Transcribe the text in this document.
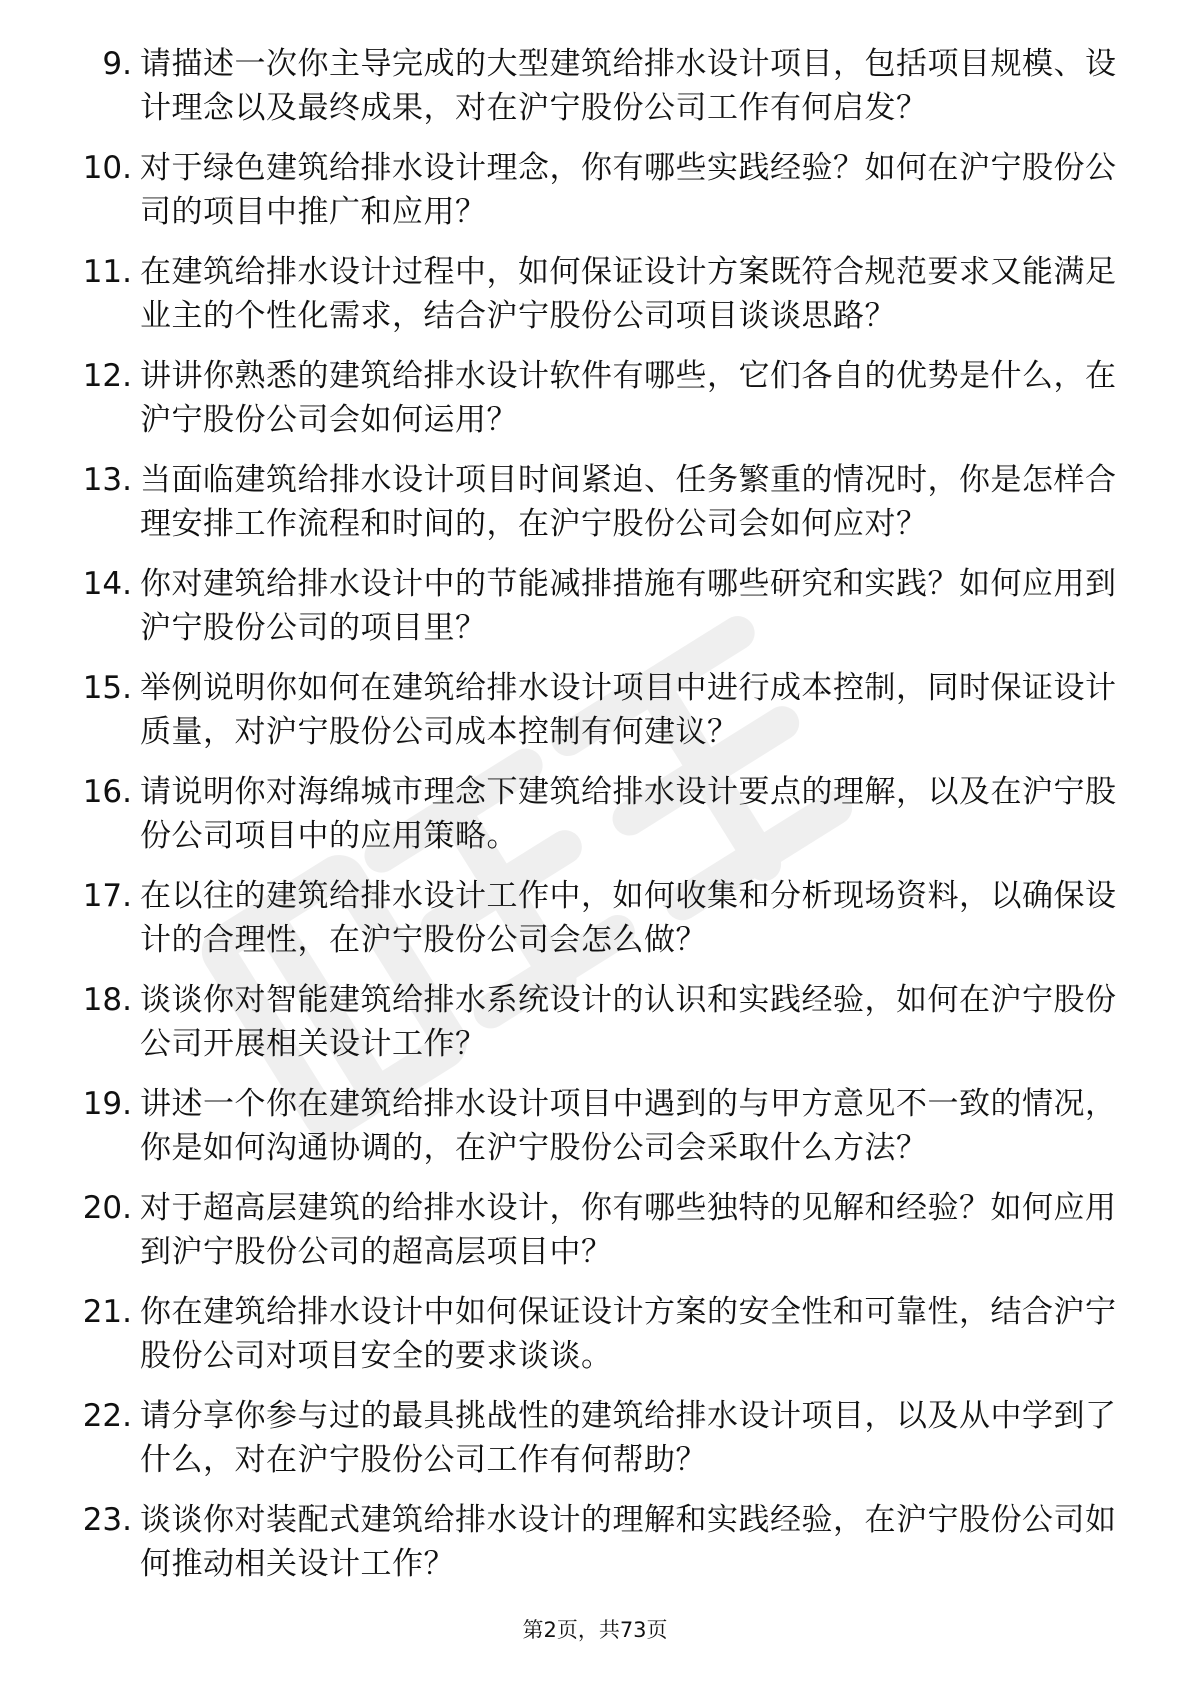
9. 请描述一次你主导完成的大型建筑给排水设计项目，包括项目规模、设计理念以及最终成果，对在沪宁股份公司工作有何启发？
10. 对于绿色建筑给排水设计理念，你有哪些实践经验？如何在沪宁股份公司的项目中推广和应用？
11. 在建筑给排水设计过程中，如何保证设计方案既符合规范要求又能满足业主的个性化需求，结合沪宁股份公司项目谈谈思路？
12. 讲讲你熟悉的建筑给排水设计软件有哪些，它们各自的优势是什么，在沪宁股份公司会如何运用？
13. 当面临建筑给排水设计项目时间紧迫、任务繁重的情况时，你是怎样合理安排工作流程和时间的，在沪宁股份公司会如何应对？
14. 你对建筑给排水设计中的节能减排措施有哪些研究和实践？如何应用到沪宁股份公司的项目里？
15. 举例说明你如何在建筑给排水设计项目中进行成本控制，同时保证设计质量，对沪宁股份公司成本控制有何建议？
16. 请说明你对海绵城市理念下建筑给排水设计要点的理解，以及在沪宁股份公司项目中的应用策略。
17. 在以往的建筑给排水设计工作中，如何收集和分析现场资料，以确保设计的合理性，在沪宁股份公司会怎么做？
18. 谈谈你对智能建筑给排水系统设计的认识和实践经验，如何在沪宁股份公司开展相关设计工作？
19. 讲述一个你在建筑给排水设计项目中遇到的与甲方意见不一致的情况，你是如何沟通协调的，在沪宁股份公司会采取什么方法？
20. 对于超高层建筑的给排水设计，你有哪些独特的见解和经验？如何应用到沪宁股份公司的超高层项目中？
21. 你在建筑给排水设计中如何保证设计方案的安全性和可靠性，结合沪宁股份公司对项目安全的要求谈谈。
22. 请分享你参与过的最具挑战性的建筑给排水设计项目，以及从中学到了什么，对在沪宁股份公司工作有何帮助？
23. 谈谈你对装配式建筑给排水设计的理解和实践经验，在沪宁股份公司如何推动相关设计工作？
第2页，共73页
